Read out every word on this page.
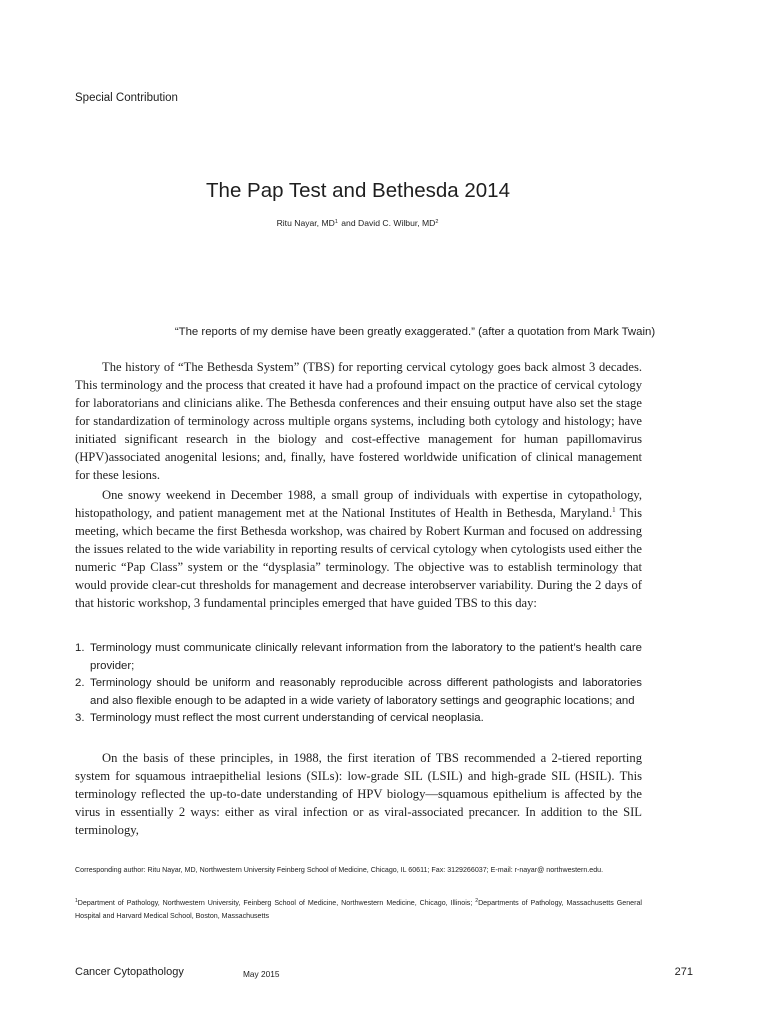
Special Contribution
The Pap Test and Bethesda 2014
Ritu Nayar, $MD^1$ and David C. Wilbur, $MD^2$
“The reports of my demise have been greatly exaggerated.” (after a quotation from Mark Twain)

The history of “The Bethesda System” (TBS) for reporting cervical cytology goes back almost 3 decades. This terminology and the process that created it have had a profound impact on the practice of cervical cytology for laboratorians and clinicians alike. The Bethesda conferences and their ensuing output have also set the stage for standardization of terminology across multiple organs systems, including both cytology and histology; have initiated significant research in the biology and cost-effective management for human papillomavirus (HPV)associated anogenital lesions; and, finally, have fostered worldwide unification of clinical management for these lesions.

One snowy weekend in December 1988, a small group of individuals with expertise in cytopathology, histopathology, and patient management met at the National Institutes of Health in Bethesda, Maryland.$^1$ This meeting, which became the first Bethesda workshop, was chaired by Robert Kurman and focused on addressing the issues related to the wide variability in reporting results of cervical cytology when cytologists used either the numeric “Pap Class” system or the “dysplasia” terminology. The objective was to establish terminology that would provide clear-cut thresholds for management and decrease interobserver variability. During the 2 days of that historic workshop, 3 fundamental principles emerged that have guided TBS to this day:

1. Terminology must communicate clinically relevant information from the laboratory to the patient’s health care provider;
2. Terminology should be uniform and reasonably reproducible across different pathologists and laboratories and also flexible enough to be adapted in a wide variety of laboratory settings and geographic locations; and
3. Terminology must reflect the most current understanding of cervical neoplasia.

On the basis of these principles, in 1988, the first iteration of TBS recommended a 2-tiered reporting system for squamous intraepithelial lesions (SILs): low-grade SIL (LSIL) and high-grade SIL (HSIL). This terminology reflected the up-to-date understanding of HPV biology—squamous epithelium is affected by the virus in essentially 2 ways: either as viral infection or as viral-associated precancer. In addition to the SIL terminology,

Corresponding author: Ritu Nayar, MD, Northwestern University Feinberg School of Medicine, Chicago, IL 60611; Fax: 3129266037; E-mail: r-nayar@ northwestern.edu.
$^1$Department of Pathology, Northwestern University, Feinberg School of Medicine, Northwestern Medicine, Chicago, Illinois; $^2$Departments of Pathology, Massachusetts General Hospital and Harvard Medical School, Boston, Massachusetts
Cancer Cytopathology	May 2015	271
